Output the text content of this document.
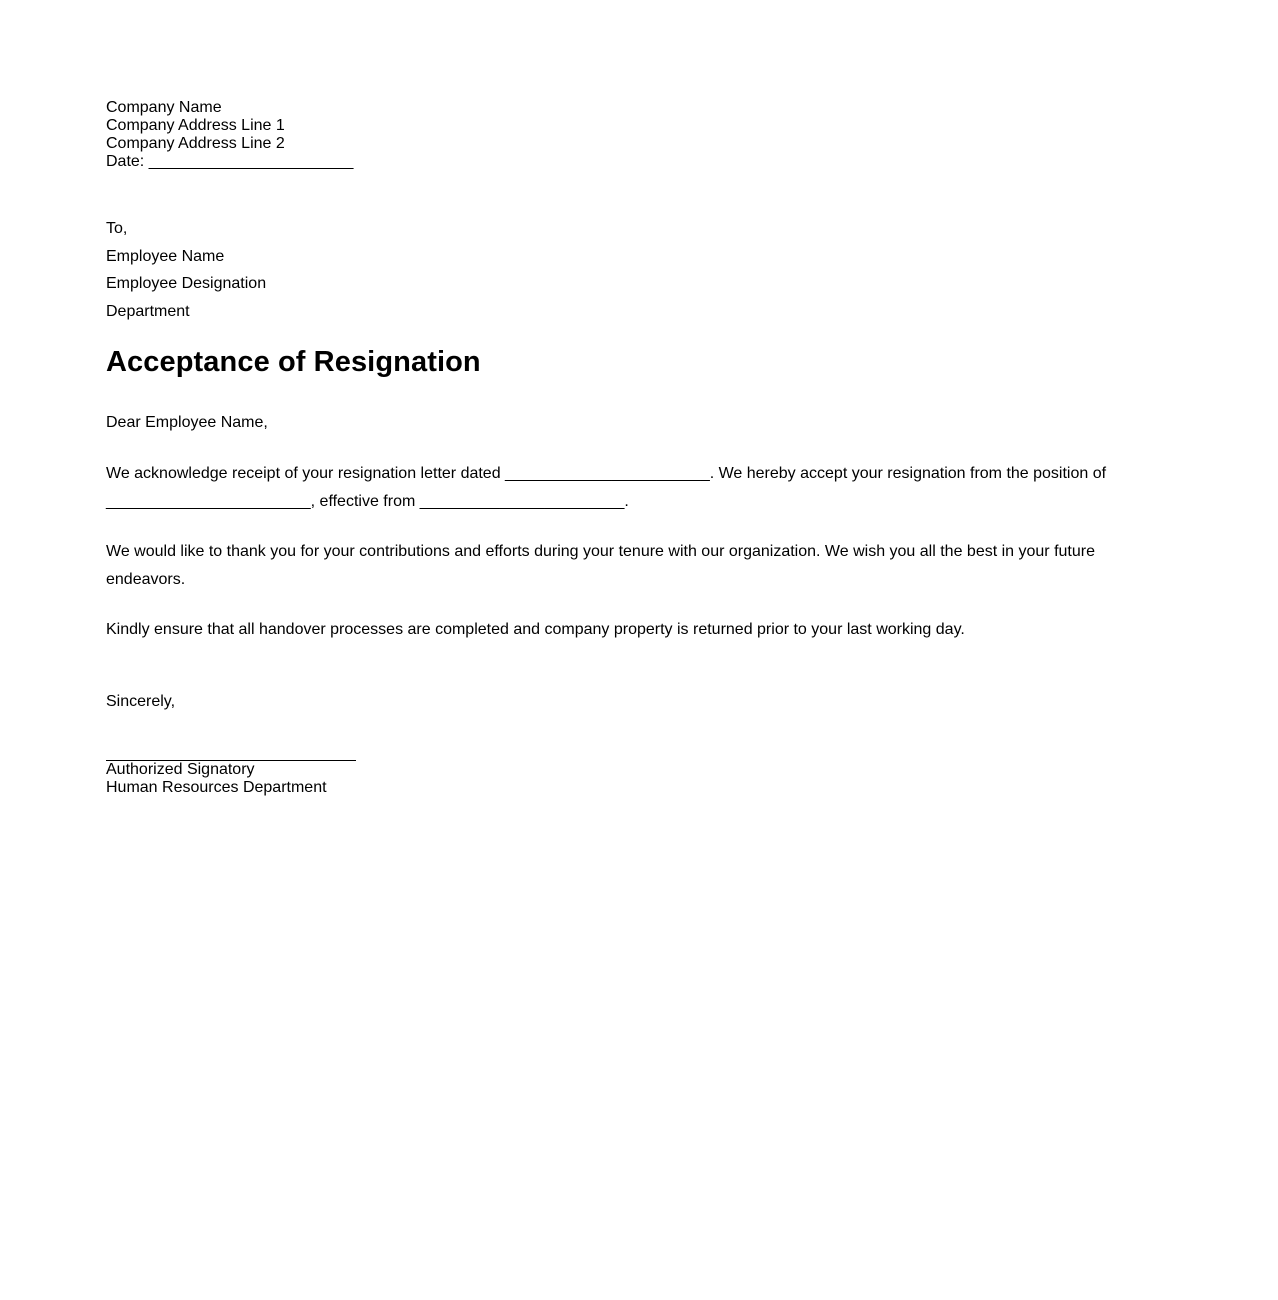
Company Name
Company Address Line 1
Company Address Line 2
Date: _______________________
To,
Employee Name
Employee Designation
Department
Acceptance of Resignation
Dear Employee Name,

We acknowledge receipt of your resignation letter dated _______________________. We hereby accept your resignation from the position of _______________________, effective from _______________________.

We would like to thank you for your contributions and efforts during your tenure with our organization. We wish you all the best in your future endeavors.

Kindly ensure that all handover processes are completed and company property is returned prior to your last working day.

Sincerely,
Authorized Signatory
Human Resources Department
